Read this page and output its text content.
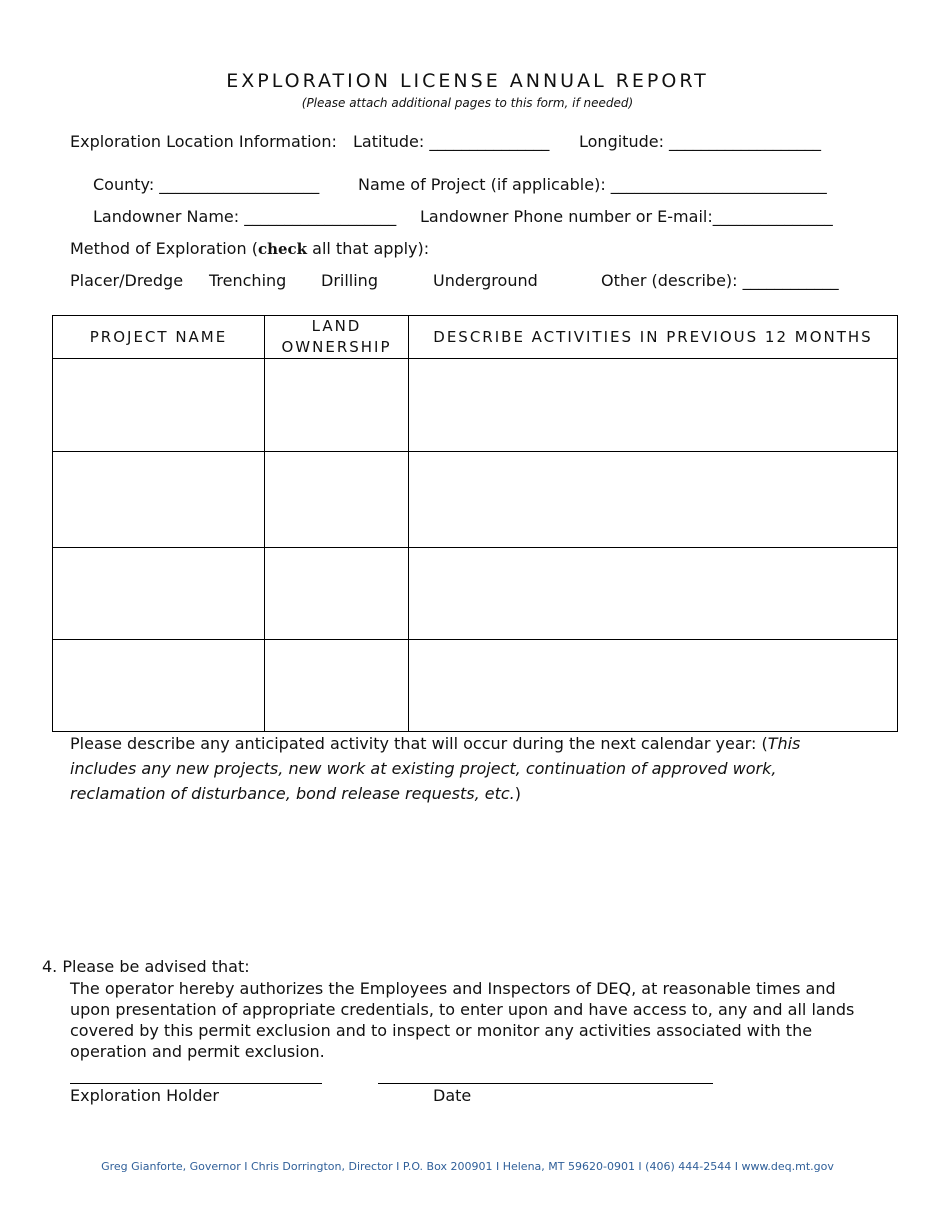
EXPLORATION LICENSE ANNUAL REPORT
(Please attach additional pages to this form, if needed)
Exploration Location Information: Latitude: _______________ Longitude: ___________________
County: ____________________ Name of Project (if applicable): ___________________________
Landowner Name: ___________________ Landowner Phone number or E-mail:_______________
Method of Exploration (check all that apply):
Placer/Dredge Trenching Drilling	Underground	Other (describe): ____________
PROJECT NAME	LAND OWNERSHIP	DESCRIBE ACTIVITIES IN PREVIOUS 12 MONTHS

Please describe any anticipated activity that will occur during the next calendar year: (This includes any new projects, new work at existing project, continuation of approved work, reclamation of disturbance, bond release requests, etc.)
4. Please be advised that:
The operator hereby authorizes the Employees and Inspectors of DEQ, at reasonable times and upon presentation of appropriate credentials, to enter upon and have access to, any and all lands covered by this permit exclusion and to inspect or monitor any activities associated with the operation and permit exclusion.
Exploration Holder	Date
Greg Gianforte, Governor I Chris Dorrington, Director I P.O. Box 200901 I Helena, MT 59620-0901 I (406) 444-2544 I www.deq.mt.gov
